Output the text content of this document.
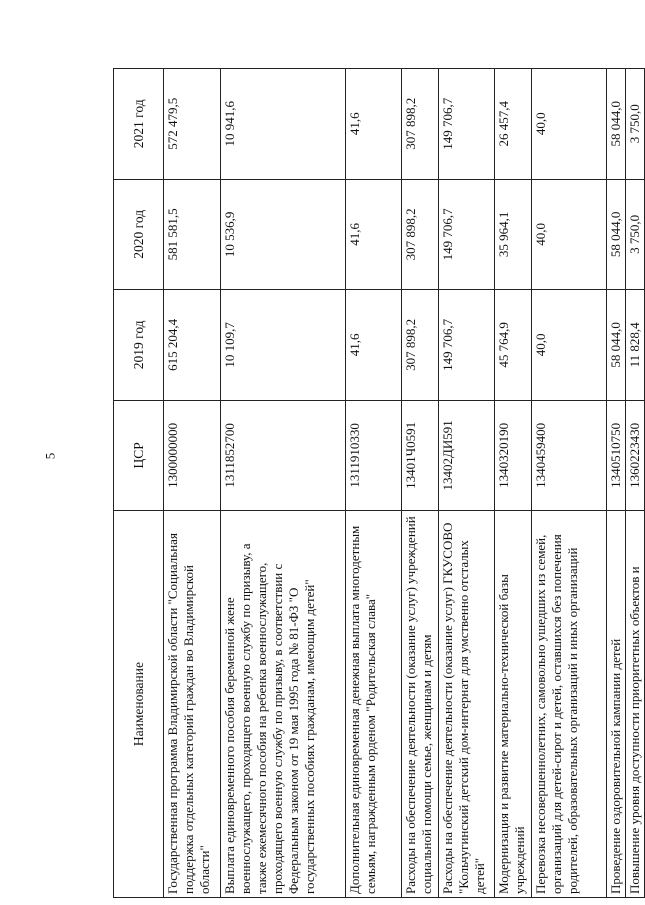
5
Наименование	ЦСР	2019 год	2020 год	2021 год
Государственная программа Владимирской области "Социальная поддержка отдельных категорий граждан во Владимирской области"	1300000000	615 204,4	581 581,5	572 479,5
Выплата единовременного пособия беременной жене военнослужащего, проходящего военную службу по призыву, а также ежемесячного пособия на ребенка военнослужащего, проходящего военную службу по призыву, в соответствии с Федеральным законом от 19 мая 1995 года № 81-ФЗ "О государственных пособиях гражданам, имеющим детей"	1311852700	10 109,7	10 536,9	10 941,6
Дополнительная единовременная денежная выплата многодетным семьям, награжденным орденом "Родительская слава"	1311910330	41,6	41,6	41,6
Расходы на обеспечение деятельности (оказание услуг) учреждений социальной помощи семье, женщинам и детям	13401Ч0591	307 898,2	307 898,2	307 898,2
Расходы на обеспечение деятельности (оказание услуг) ГКУСОВО "Кольчугинский детский дом-интернат для умственно отсталых детей"	13402ДИ591	149 706,7	149 706,7	149 706,7
Модернизация и развитие материально-технической базы учреждений	1340320190	45 764,9	35 964,1	26 457,4
Перевозка несовершеннолетних, самовольно ушедших из семей, организаций для детей-сирот и детей, оставшихся без попечения родителей, образовательных организаций и иных организаций	1340459400	40,0	40,0	40,0
Проведение оздоровительной кампании детей	1340510750	58 044,0	58 044,0	58 044,0
Повышение уровня доступности приоритетных объектов и	1360223430	11 828,4	3 750,0	3 750,0
